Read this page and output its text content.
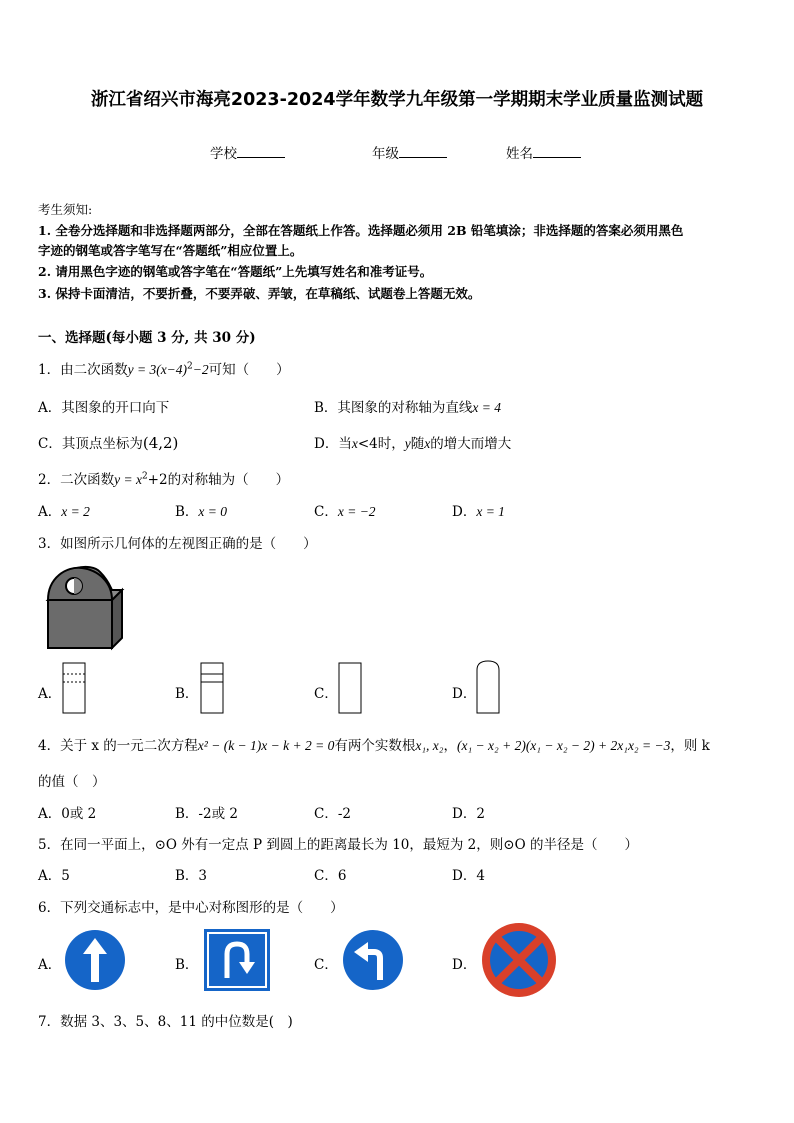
浙江省绍兴市海亮2023-2024学年数学九年级第一学期期末学业质量监测试题
学校	年级	姓名
考生须知:
1. 全卷分选择题和非选择题两部分，全部在答题纸上作答。选择题必须用 2B 铅笔填涂；非选择题的答案必须用黑色
字迹的钢笔或答字笔写在“答题纸”相应位置上。
2. 请用黑色字迹的钢笔或答字笔在“答题纸”上先填写姓名和准考证号。
3. 保持卡面清洁，不要折叠，不要弄破、弄皱，在草稿纸、试题卷上答题无效。
一、选择题(每小题 3 分, 共 30 分)
1．由二次函数$y = 3(x-4)^2-2$可知（　　）
A．其图象的开口向下	B．其图象的对称轴为直线x = 4
C．其顶点坐标为(4,2)	D．当x<4时，y随x的增大而增大
2．二次函数$y = x^2+2$的对称轴为（　　）
A．x = 2	B．x = 0	C．x = −2	D．x = 1
3．如图所示几何体的左视图正确的是（　　）
A．	B．	C．	D．
4．关于 x 的一元二次方程x² − (k − 1)x − k + 2 = 0有两个实数根x₁, x₂，(x₁ − x₂ + 2)(x₁ − x₂ − 2) + 2x₁x₂ = −3，则 k
的值（　）
A．0或 2	B．-2或 2	C．-2	D．2
5．在同一平面上，⊙O 外有一定点 P 到圆上的距离最长为 10，最短为 2，则⊙O 的半径是（　　）
A．5	B．3	C．6	D．4
6．下列交通标志中，是中心对称图形的是（　　）
A．	B．	C．	D．
7．数据 3、3、5、8、11 的中位数是(　)
